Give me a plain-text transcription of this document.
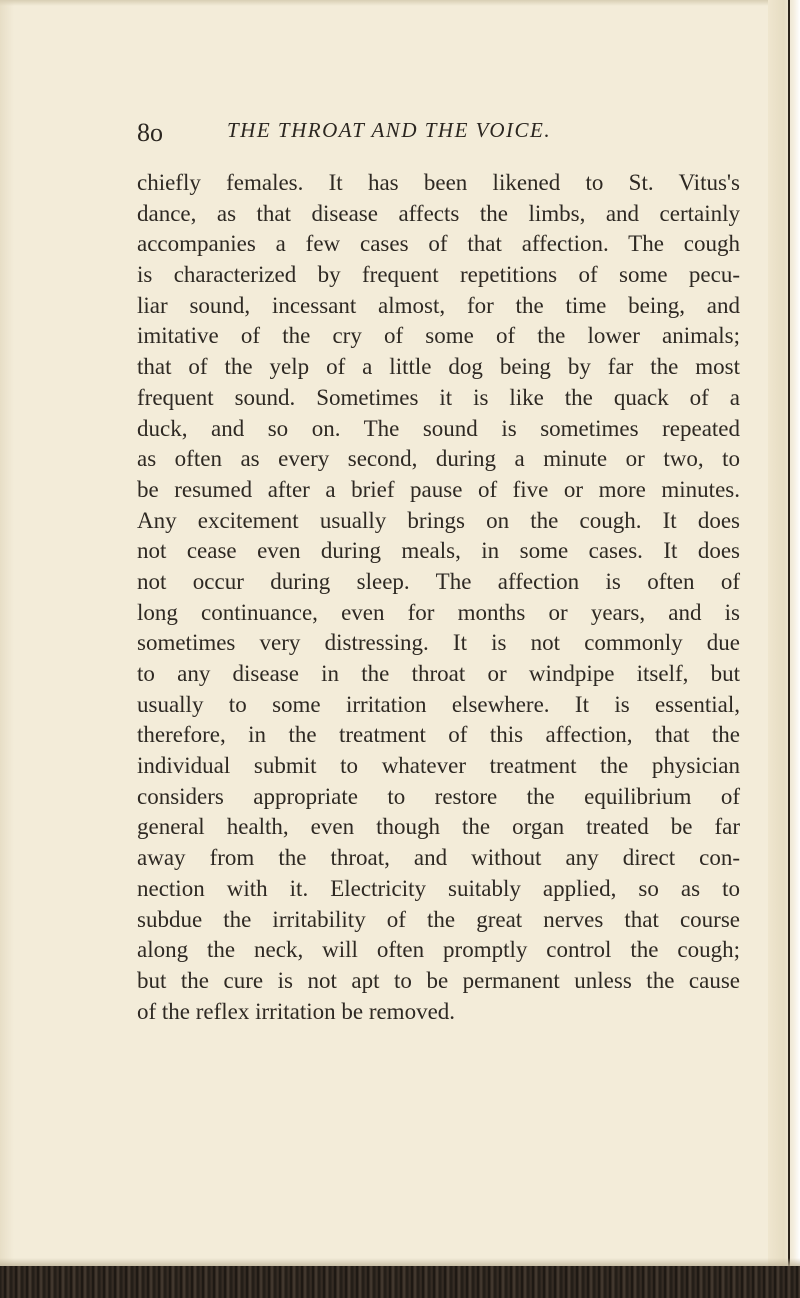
8o	THE THROAT AND THE VOICE.
chiefly females. It has been likened to St. Vitus's
dance, as that disease affects the limbs, and certainly
accompanies a few cases of that affection. The cough
is characterized by frequent repetitions of some pecu-
liar sound, incessant almost, for the time being, and
imitative of the cry of some of the lower animals;
that of the yelp of a little dog being by far the most
frequent sound. Sometimes it is like the quack of a
duck, and so on. The sound is sometimes repeated
as often as every second, during a minute or two, to
be resumed after a brief pause of five or more minutes.
Any excitement usually brings on the cough. It does
not cease even during meals, in some cases. It does
not occur during sleep. The affection is often of
long continuance, even for months or years, and is
sometimes very distressing. It is not commonly due
to any disease in the throat or windpipe itself, but
usually to some irritation elsewhere. It is essential,
therefore, in the treatment of this affection, that the
individual submit to whatever treatment the physician
considers appropriate to restore the equilibrium of
general health, even though the organ treated be far
away from the throat, and without any direct con-
nection with it. Electricity suitably applied, so as to
subdue the irritability of the great nerves that course
along the neck, will often promptly control the cough;
but the cure is not apt to be permanent unless the cause
of the reflex irritation be removed.
